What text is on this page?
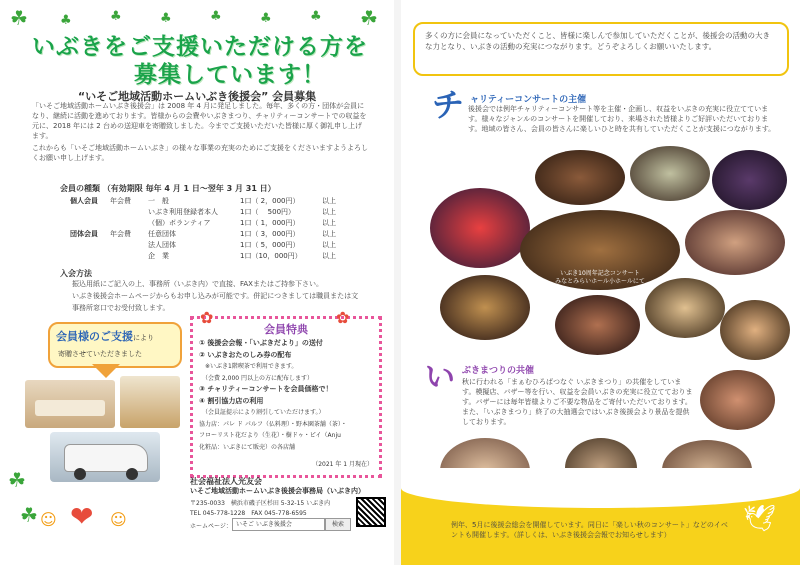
☘ ♣	♣	♣	♣	♣	♣ ☘
☘
☘
いぶきをご支援いただける方を
募集しています！
“いそご地域活動ホームいぶき後援会” 会員募集
「いそご地域活動ホームいぶき後援会」は 2008 年 4 月に発足しました。毎年、多くの方・団体が会員になり、継続に活動を進めております。皆様からの会費やいぶきまつり、チャリティーコンサートでの収益を元に、2018 年には 2 台めの送迎車を寄贈致しました。今までご支援いただいた皆様に厚く御礼申し上げます。
これからも「いそご地域活動ホームいぶき」の様々な事業の充実のためにご支援をくださいますようよろしくお願い申し上げます。
会員の種類 （有効期限 毎年 4 月 1 日～翌年 3 月 31 日）
個人会員 年会費 一　般	1口（ 2，000円）	以上
いぶき利用登録者本人	1口（　 500円）	以上
（個）ボランティア	1口（ 1，000円）	以上
団体会員 年会費 任意団体	1口（ 3，000円）	以上
法人団体	1口（ 5，000円）	以上
企　業	1口（10，000円）	以上
入会方法
振込用紙にご記入の上、事務所（いぶき内）で直接、FAXまたはご持参下さい。
いぶき後援会ホームページからもお申し込みが可能です。併記につきましては職員または文
事務所窓口でお受付致します。
会員様のご支援により
寄贈させていただきました
❤
☺	☺
会員特典
① 後援会会報・「いぶきだより」の送付
② いぶきおたのしみ券の配布
　※いぶき1階喫茶で利用できます。
　（会費 2,000 円以上の方に配布します）
③ チャリティーコンサートを会員価格で！
④ 割引協力店の利用
　（会員証提示により割引していただけます。）
協力店：パレ ド パルフ（仏料理）・野本園茶舗（茶）・
フローリスト花だより（生花）・樹ドゥ・ピイ（Anju
化粧品：いぶきにて販売）の各店舗
（2021 年 1 月現在）
✿	✿
社会福祉法人光友会
いそご地域活動ホームいぶき後援会事務局（いぶき内）
〒235-0033　横浜市磯子区杉田 5-32-15 いぶき内
TEL 045-778-1228　FAX 045-778-6595
ホームページ： いそご いぶき後援会	検索
多くの方に会員になっていただくこと、皆様に楽しんで参加していただくことが、後援会の活動の大きな力となり、いぶきの活動の充実につながります。どうぞよろしくお願いいたします。
チ ャリティーコンサートの主催
後援会では例年チャリティーコンサート等を主催・企画し、収益をいぶきの充実に役立てています。様々なジャンルのコンサートを開催しており、来場された皆様よりご好評いただいております。地域の皆さん、会員の皆さんに楽しいひと時を共有していただくことが支援につながります。
いぶき10周年記念コンサート
みなとみらいホール小ホールにて
い ぶきまつりの共催
秋に行われる「まぁむひろばつなぐ いぶきまつり」の共催をしています。模擬店、バザー等を行い、収益を会員いぶきの充実に役立てております。バザーには毎年皆様よりご不要な物品をご寄付いただいております。また、「いぶきまつり」終了の大抽選会ではいぶき後援会より景品を提供しております。
例年、5月に後援会総会を開催しています。同日に「楽しい秋のコンサート」などのイベントも開催します。（詳しくは、いぶき後援会会報でお知らせします）
🕊
